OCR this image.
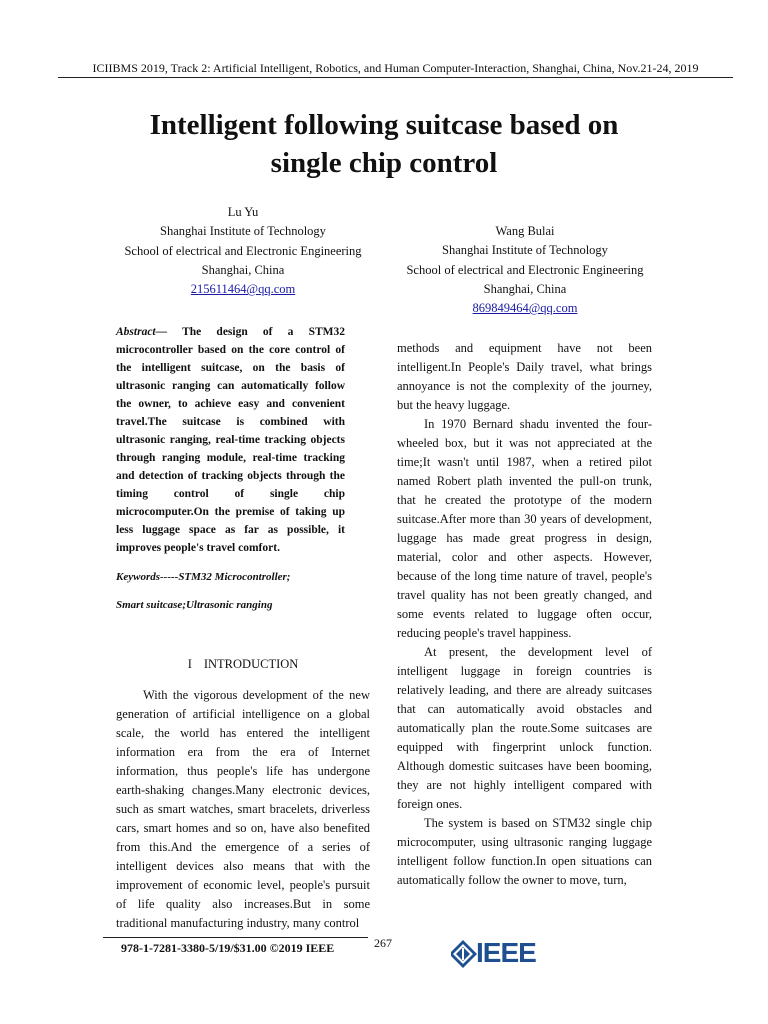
ICIIBMS 2019, Track 2: Artificial Intelligent, Robotics, and Human Computer-Interaction, Shanghai, China, Nov.21-24, 2019
Intelligent following suitcase based on
single chip control
Lu Yu
Shanghai Institute of Technology
School of electrical and Electronic Engineering
Shanghai, China
215611464@qq.com
Wang Bulai
Shanghai Institute of Technology
School of electrical and Electronic Engineering
Shanghai, China
869849464@qq.com
Abstract— The design of a STM32 microcontroller based on the core control of the intelligent suitcase, on the basis of ultrasonic ranging can automatically follow the owner, to achieve easy and convenient travel.The suitcase is combined with ultrasonic ranging, real-time tracking objects through ranging module, real-time tracking and detection of tracking objects through the timing control of single chip microcomputer.On the premise of taking up less luggage space as far as possible, it improves people's travel comfort.
Keywords-----STM32 Microcontroller;
Smart suitcase;Ultrasonic ranging
I INTRODUCTION

With the vigorous development of the new generation of artificial intelligence on a global scale, the world has entered the intelligent information era from the era of Internet information, thus people's life has undergone earth-shaking changes.Many electronic devices, such as smart watches, smart bracelets, driverless cars, smart homes and so on, have also benefited from this.And the emergence of a series of intelligent devices also means that with the improvement of economic level, people's pursuit of life quality also increases.But in some traditional manufacturing industry, many control

methods and equipment have not been intelligent.In People's Daily travel, what brings annoyance is not the complexity of the journey, but the heavy luggage.

In 1970 Bernard shadu invented the four-wheeled box, but it was not appreciated at the time;It wasn't until 1987, when a retired pilot named Robert plath invented the pull-on trunk, that he created the prototype of the modern suitcase.After more than 30 years of development, luggage has made great progress in design, material, color and other aspects. However, because of the long time nature of travel, people's travel quality has not been greatly changed, and some events related to luggage often occur, reducing people's travel happiness.

At present, the development level of intelligent luggage in foreign countries is relatively leading, and there are already suitcases that can automatically avoid obstacles and automatically plan the route.Some suitcases are equipped with fingerprint unlock function. Although domestic suitcases have been booming, they are not highly intelligent compared with foreign ones.

The system is based on STM32 single chip microcomputer, using ultrasonic ranging luggage intelligent follow function.In open situations can automatically follow the owner to move, turn,

978-1-7281-3380-5/19/$31.00 ©2019 IEEE	267	IEEE
